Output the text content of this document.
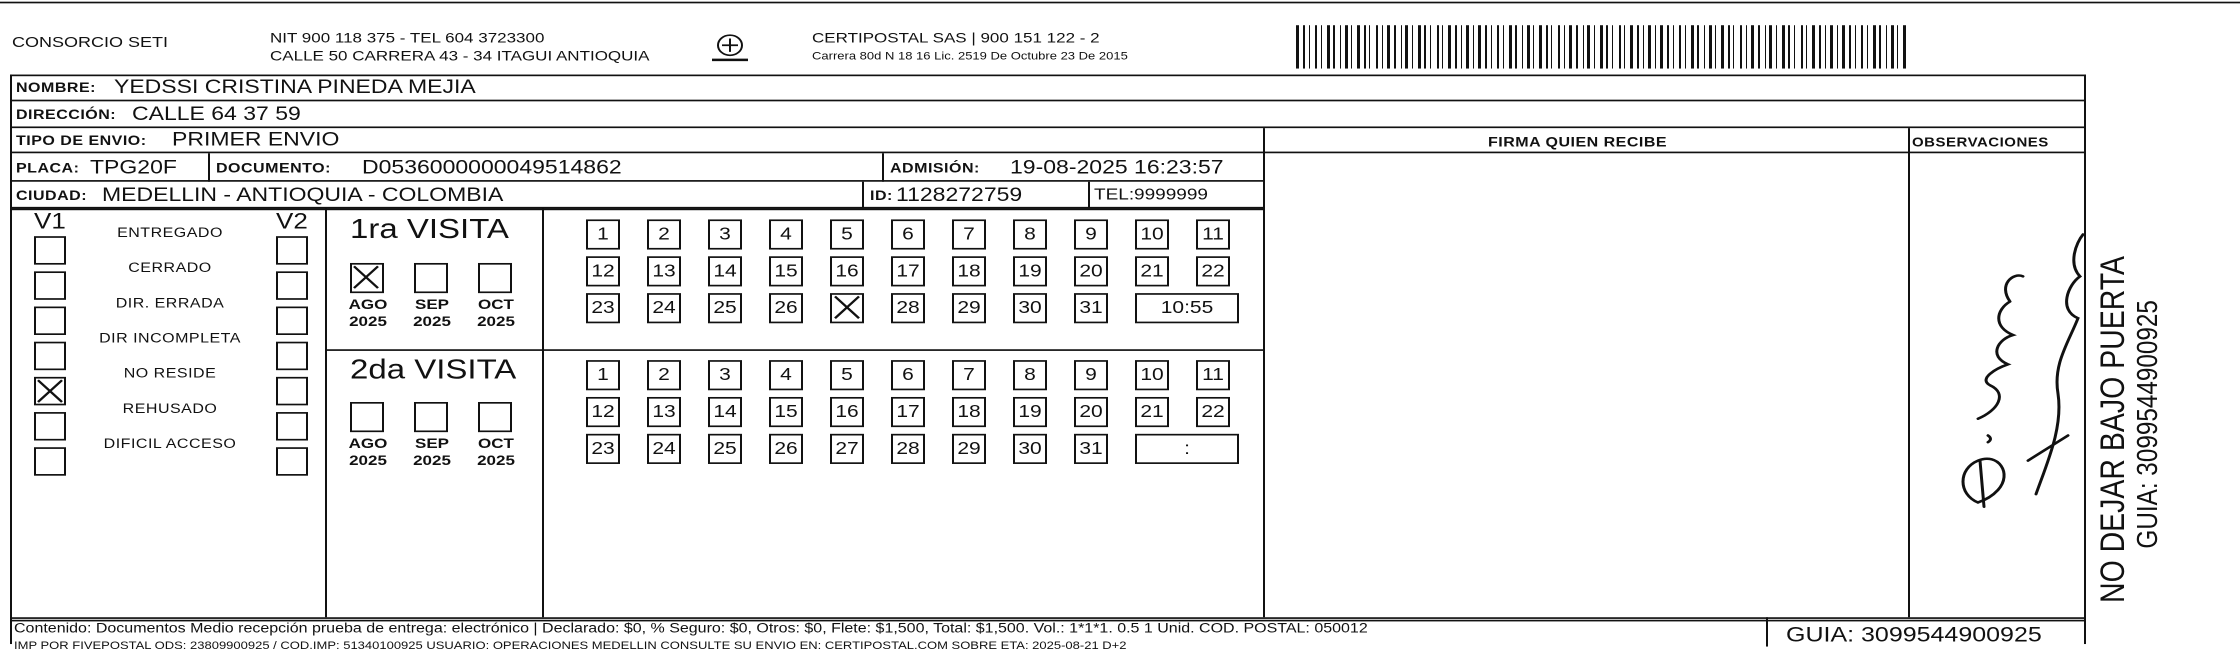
CONSORCIO SETI	NIT 900 118 375 - TEL 604 3723300
CALLE 50 CARRERA 43 - 34 ITAGUI ANTIOQUIA
CERTIPOSTAL SAS | 900 151 122 - 2
Carrera 80d N 18 16 Lic. 2519 De Octubre 23 De 2015
NOMBRE: YEDSSI CRISTINA PINEDA MEJIA
DIRECCIÓN: CALLE 64 37 59
TIPO DE ENVIO: PRIMER ENVIO
PLACA: TPG20F DOCUMENTO: D0536000000049514862	ADMISIÓN: 19-08-2025 16:23:57
CIUDAD: MEDELLIN - ANTIOQUIA - COLOMBIA	ID: 1128272759	TEL: 9999999
FIRMA QUIEN RECIBE	OBSERVACIONES
NO DEJAR BAJO PUERTA GUIA: 3099544900925
V1	V2
ENTREGADO
CERRADO
DIR. ERRADA
DIR INCOMPLETA
NO RESIDE
REHUSADO
DIFICIL ACCESO
1ra VISITA
AGO
2025
SEP
2025
OCT
2025
1	2	3	4	5	6	7	8	9	10 11
12 13 14 15 16 17 18 19 20 21 22
23 24 25 26	28 29 30 31	10:55
2da VISITA
AGO
2025
SEP
2025
OCT
2025
1	2	3	4	5	6	7	8	9	10 11
12 13 14 15 16 17 18 19 20 21 22
23 24 25 26 27 28 29 30 31	:
Contenido: Documentos Medio recepción prueba de entrega: electrónico | Declarado: $0, % Seguro: $0, Otros: $0, Flete: $1,500, Total: $1,500. Vol.: 1*1*1. 0.5 1 Unid. COD. POSTAL: 050012
IMP POR FIVEPOSTAL ODS: 23809900925 / COD.IMP: 51340100925 USUARIO: OPERACIONES MEDELLIN CONSULTE SU ENVIO EN: CERTIPOSTAL.COM SOBRE ETA: 2025-08-21 D+2	GUIA: 3099544900925
